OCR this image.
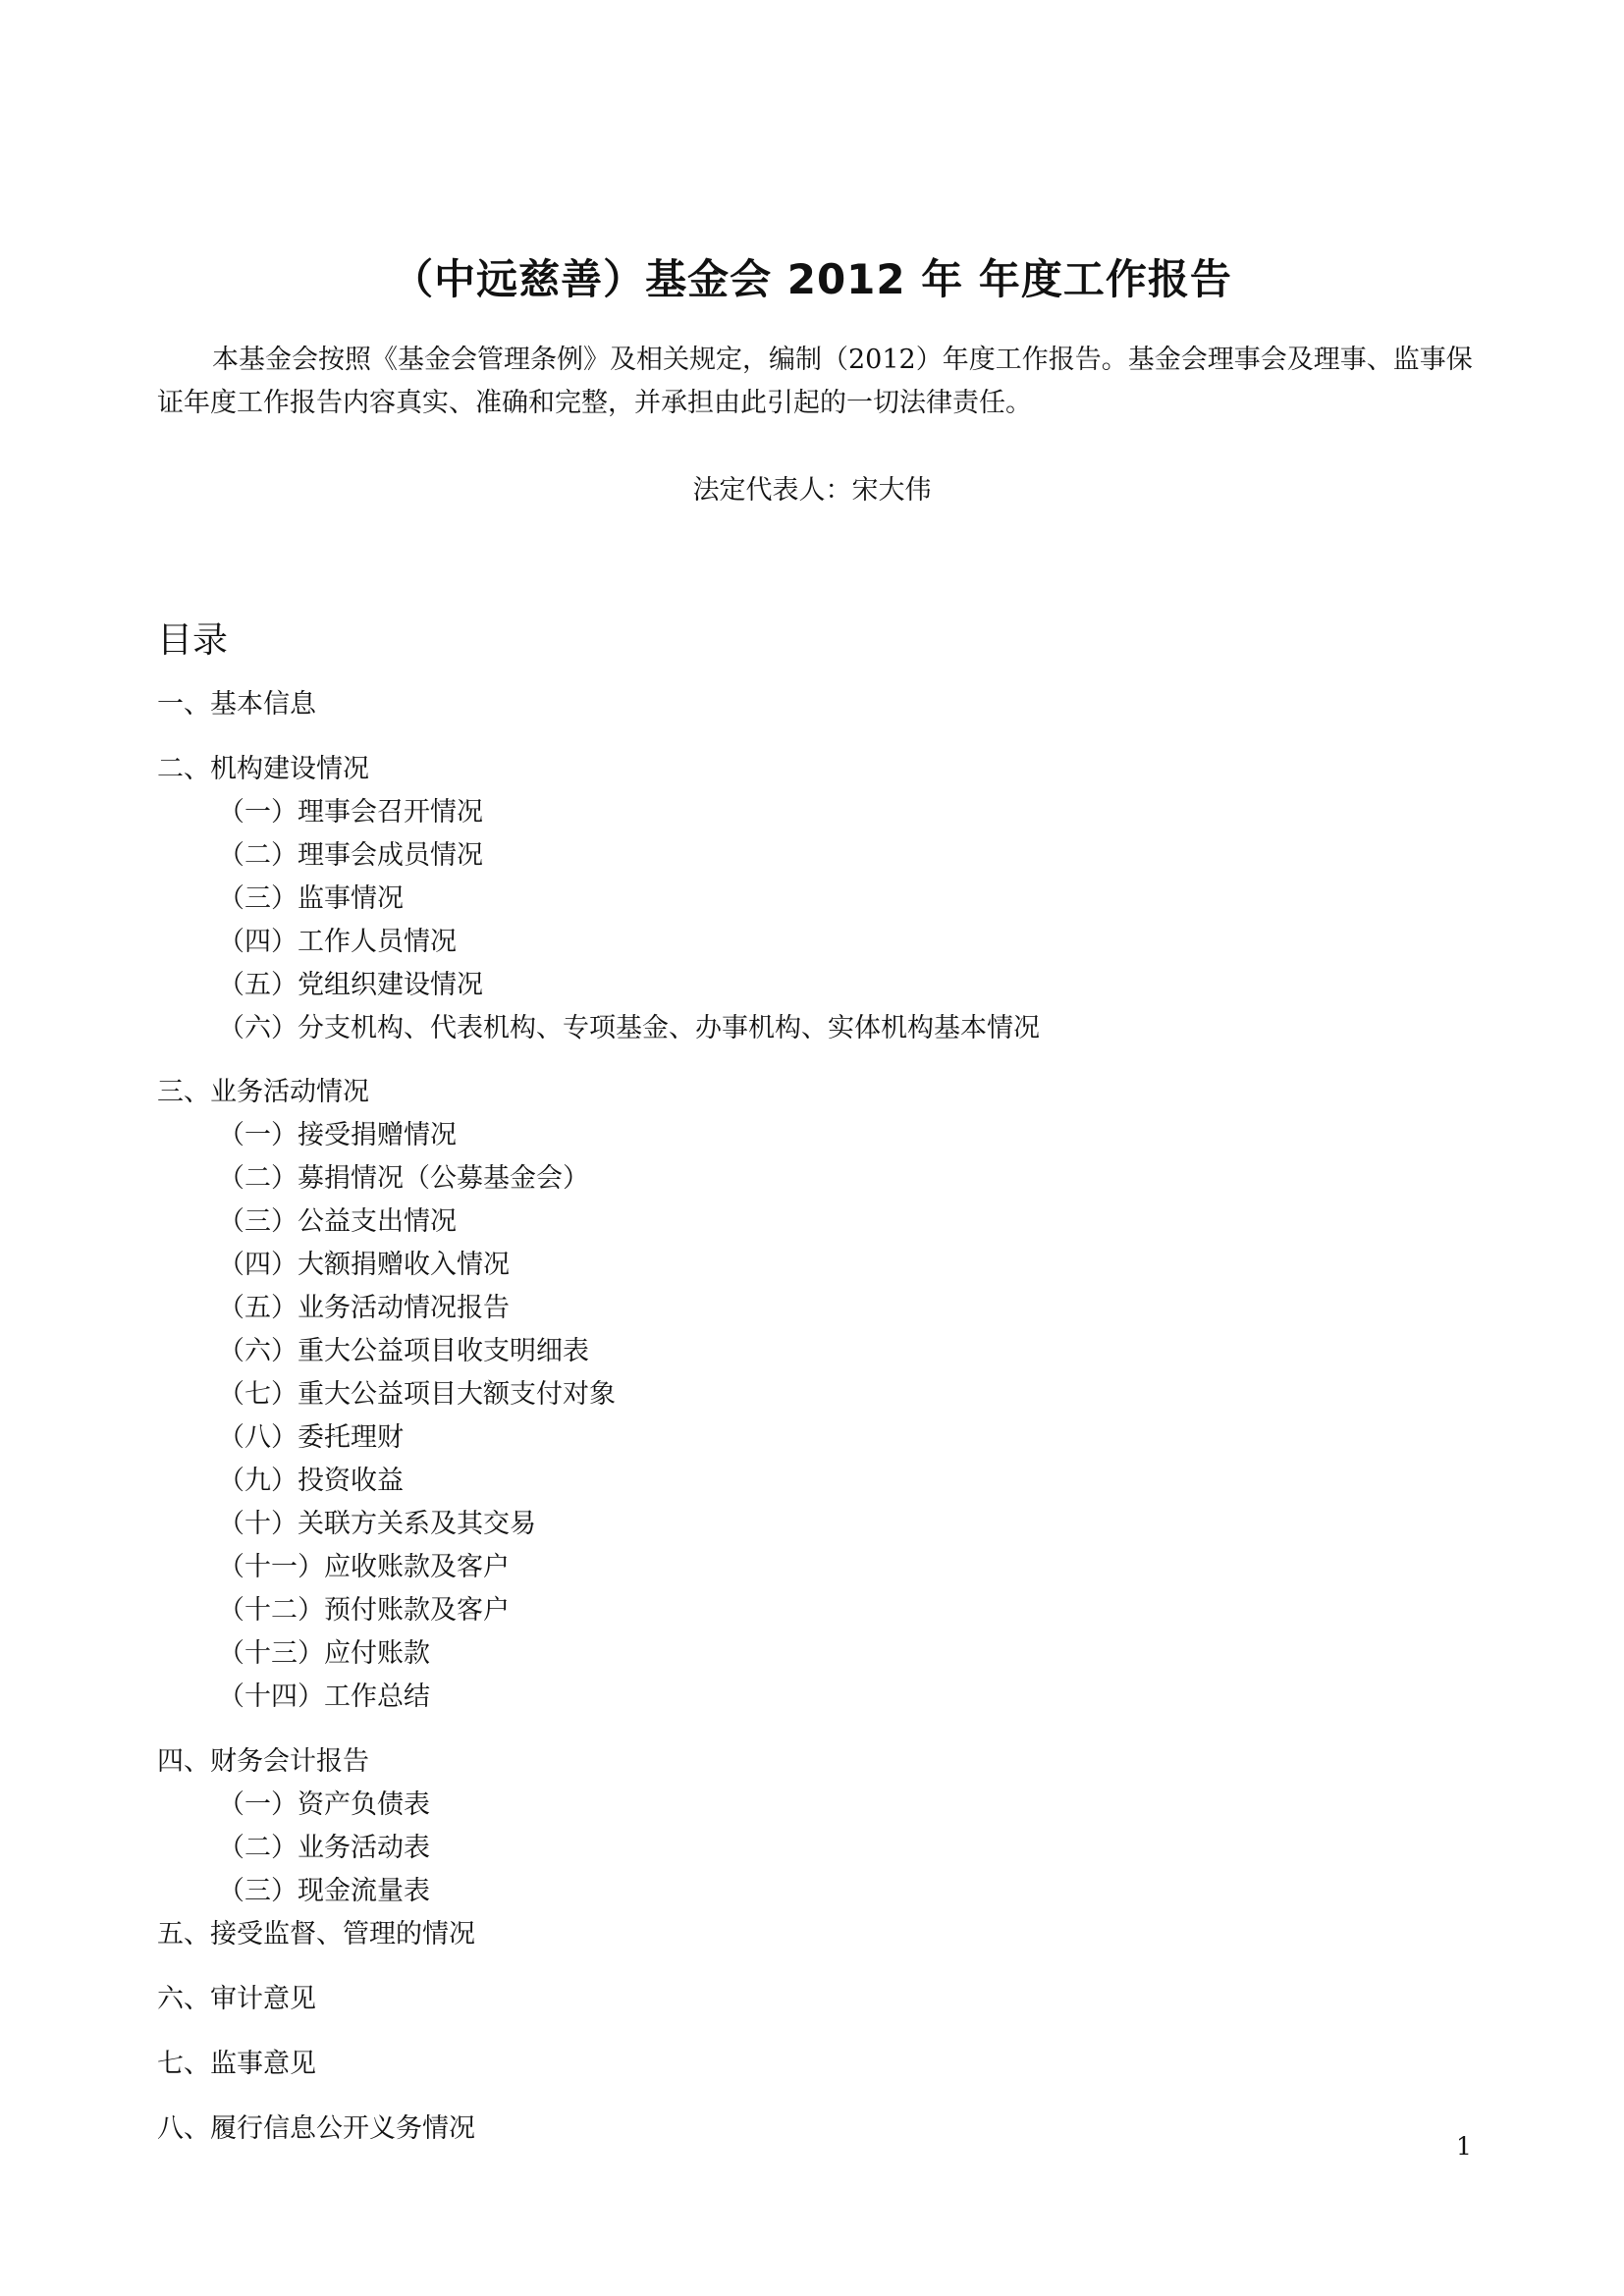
（中远慈善）基金会 2012 年 年度工作报告

本基金会按照《基金会管理条例》及相关规定，编制（2012）年度工作报告。基金会理事会及理事、监事保证年度工作报告内容真实、准确和完整，并承担由此引起的一切法律责任。

法定代表人：宋大伟
目录
一、基本信息
二、机构建设情况
（一）理事会召开情况
（二）理事会成员情况
（三）监事情况
（四）工作人员情况
（五）党组织建设情况
（六）分支机构、代表机构、专项基金、办事机构、实体机构基本情况
三、业务活动情况
（一）接受捐赠情况
（二）募捐情况（公募基金会）
（三）公益支出情况
（四）大额捐赠收入情况
（五）业务活动情况报告
（六）重大公益项目收支明细表
（七）重大公益项目大额支付对象
（八）委托理财
（九）投资收益
（十）关联方关系及其交易
（十一）应收账款及客户
（十二）预付账款及客户
（十三）应付账款
（十四）工作总结
四、财务会计报告
（一）资产负债表
（二）业务活动表
（三）现金流量表
五、接受监督、管理的情况
六、审计意见
七、监事意见
八、履行信息公开义务情况
1
